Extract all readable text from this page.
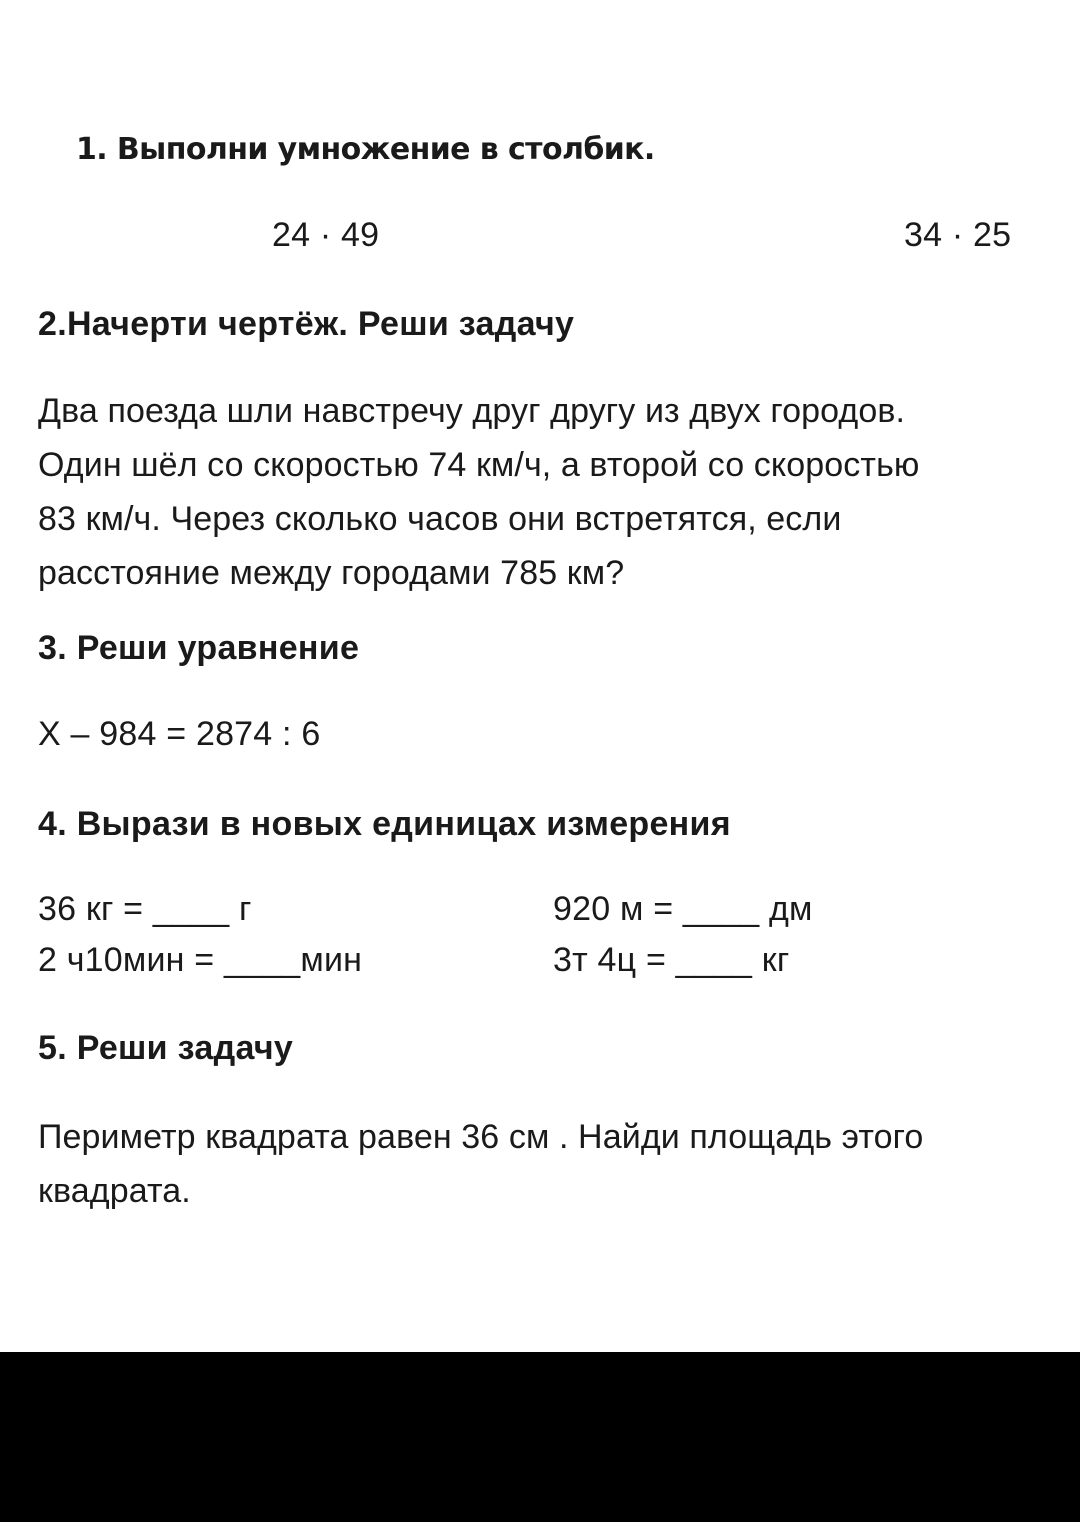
1. Выполни умножение в столбик.
24 · 49	34 · 25
2.Начерти чертёж. Реши задачу
Два поезда шли навстречу друг другу из двух городов.
Один шёл со скоростью 74 км/ч, а второй со скоростью
83 км/ч. Через сколько часов они встретятся, если
расстояние между городами 785 км?
3. Реши уравнение
Х – 984 = 2874 : 6
4. Вырази в новых единицах измерения
36 кг = ____ г	920 м = ____ дм
2 ч10мин = ____мин	3т 4ц = ____ кг
5. Реши задачу
Периметр квадрата равен 36 см . Найди площадь этого
квадрата.
